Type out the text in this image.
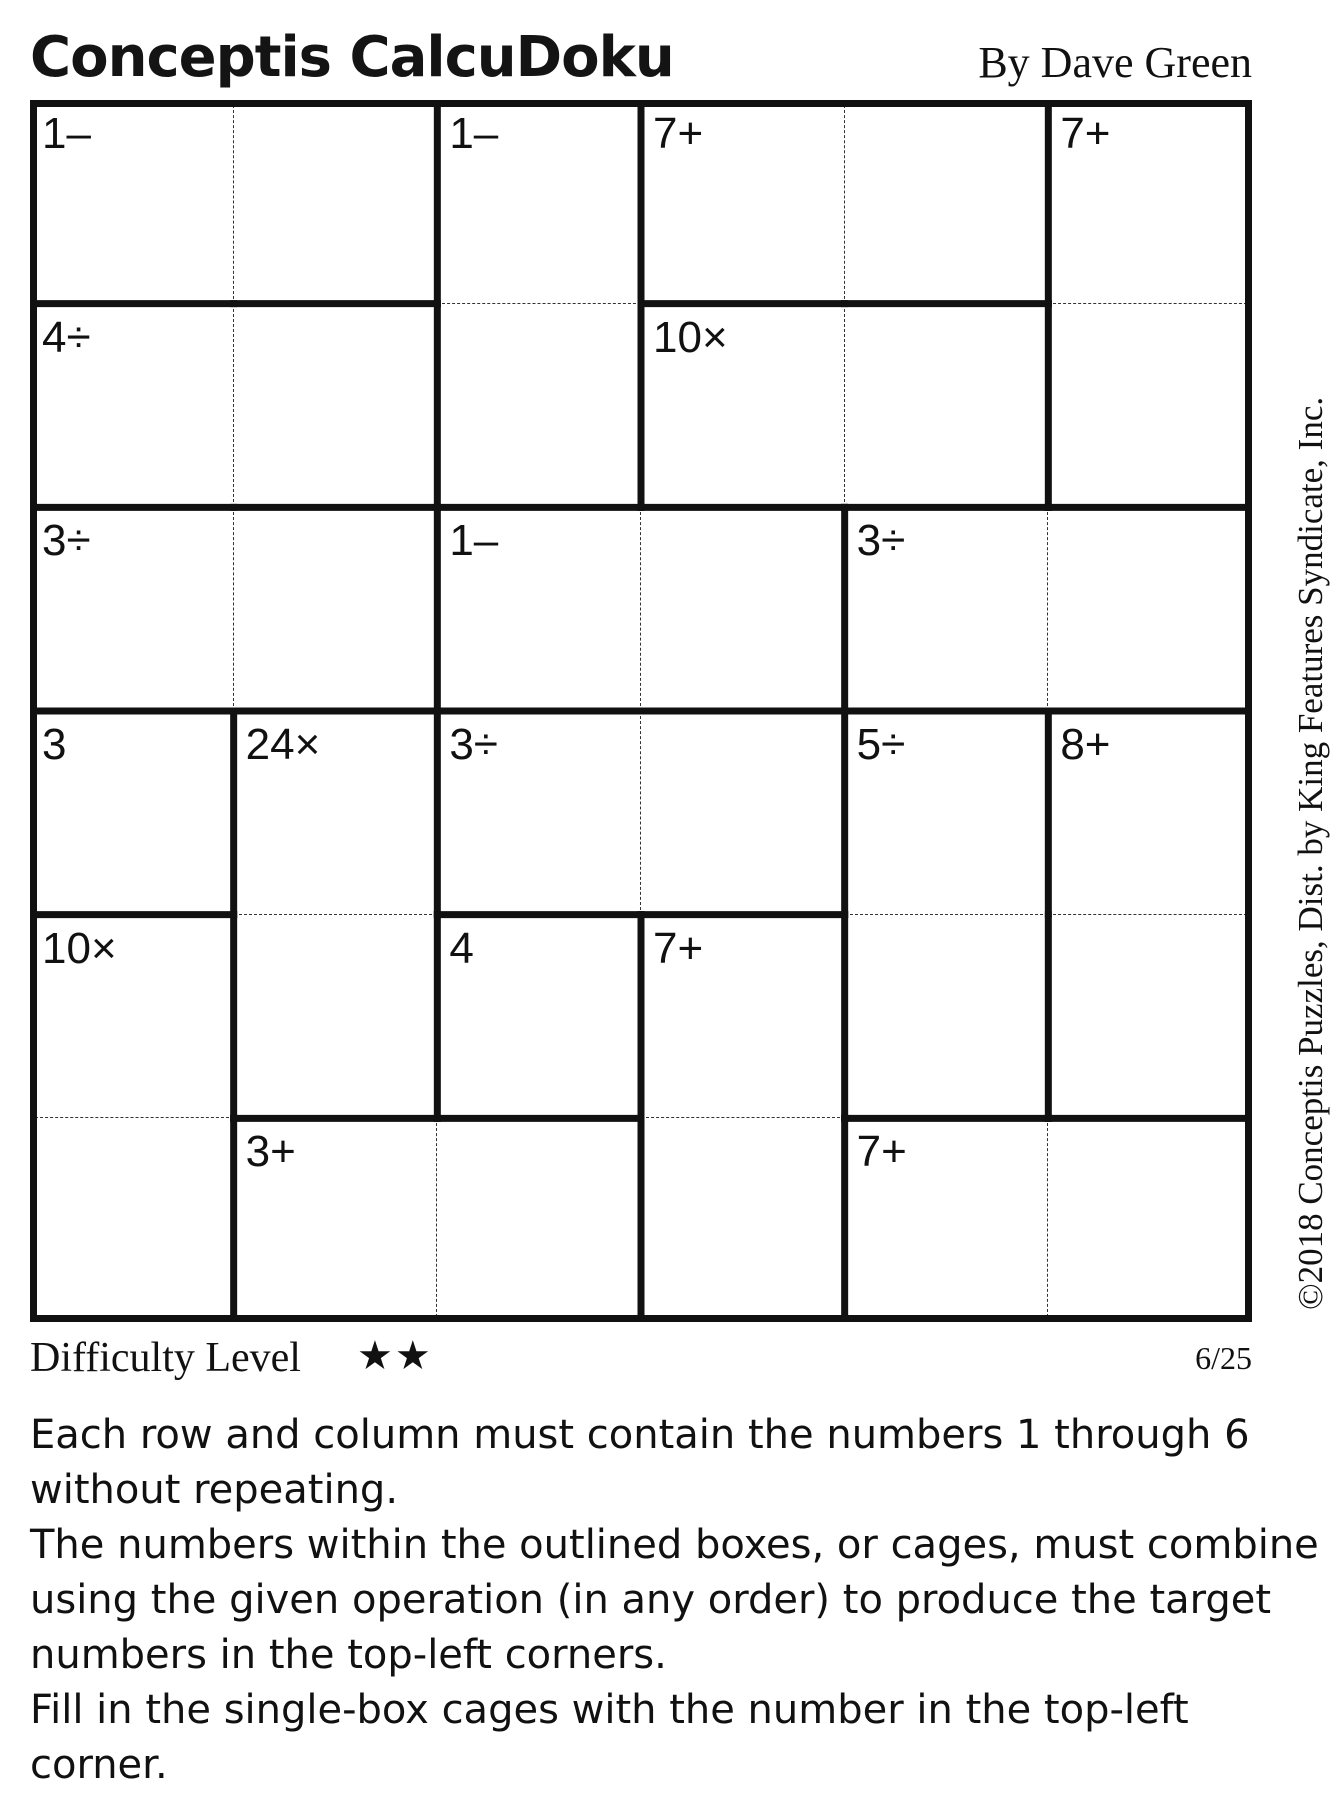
Conceptis CalcuDoku	By Dave Green
1–	1–	7+	7+
4÷	10×
3÷	1–	3÷
3	24×	3÷	5÷	8+
10×	4	7+
3+	7+	©2018 Conceptis Puzzles, Dist. by King Features Syndicate, Inc.
Difficulty Level ★★	6/25

Each row and column must contain the numbers 1 through 6 without repeating.

The numbers within the outlined boxes, or cages, must combine using the given operation (in any order) to produce the target numbers in the top-left corners.

Fill in the single-box cages with the number in the top-left corner.
